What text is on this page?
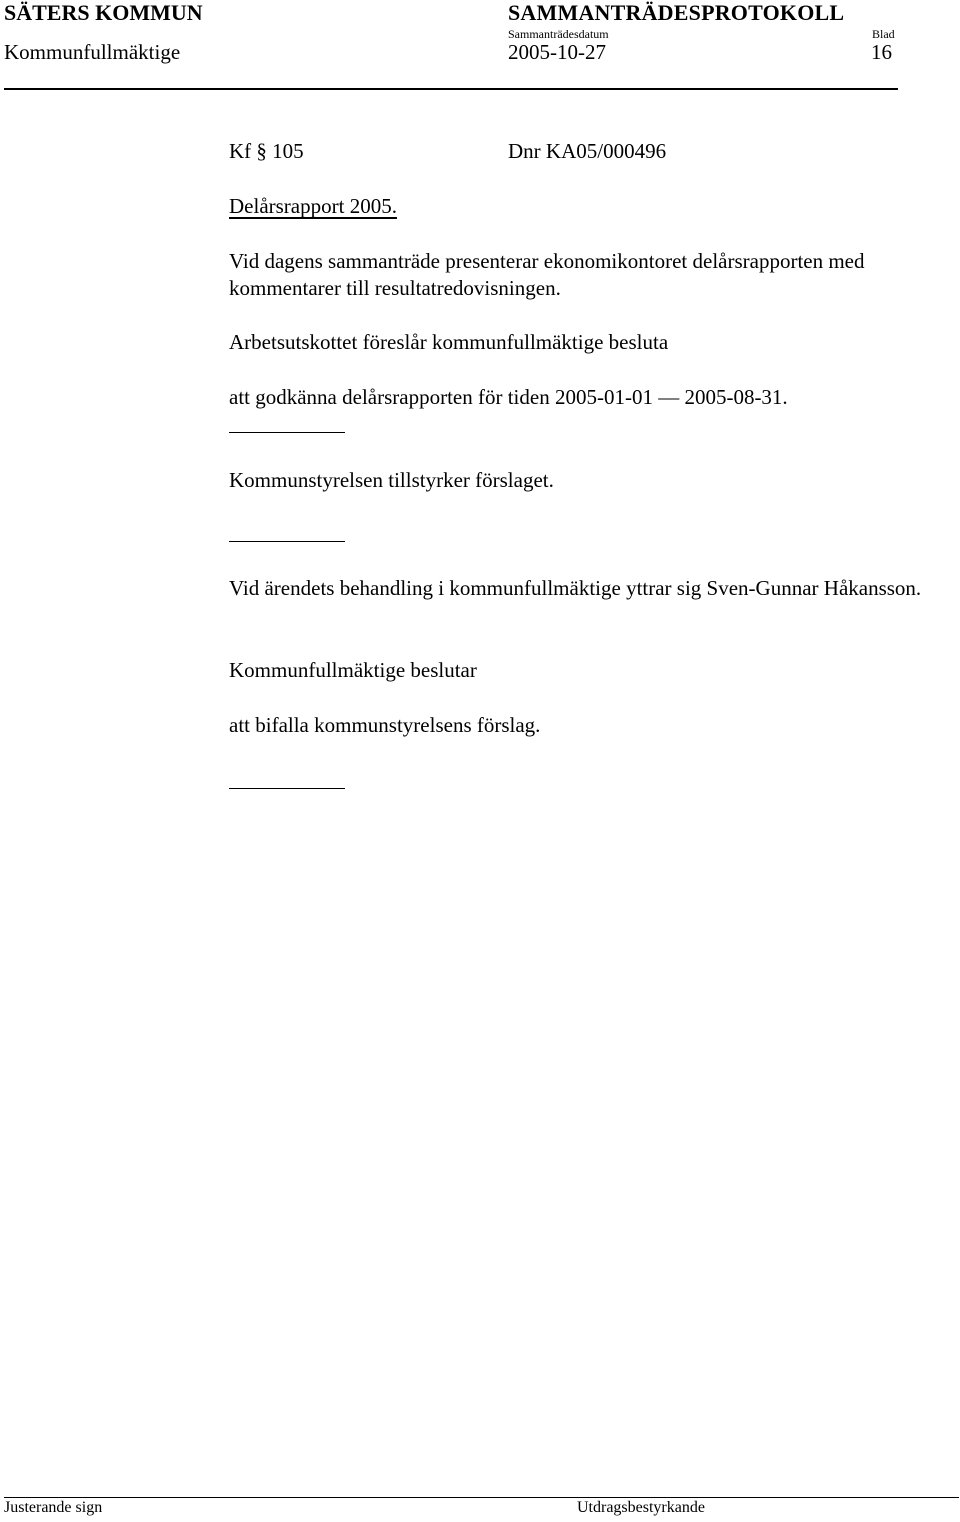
SÄTERS KOMMUN	SAMMANTRÄDESPROTOKOLL
Sammanträdesdatum	Blad
Kommunfullmäktige	2005-10-27	16
Kf § 105	Dnr KA05/000496
Delårsrapport 2005.
Vid dagens sammanträde presenterar ekonomikontoret delårsrapporten med kommentarer till resultatredovisningen.
Arbetsutskottet föreslår kommunfullmäktige besluta
att godkänna delårsrapporten för tiden 2005-01-01 — 2005-08-31.
Kommunstyrelsen tillstyrker förslaget.
Vid ärendets behandling i kommunfullmäktige yttrar sig Sven-Gunnar Håkansson.
Kommunfullmäktige beslutar
att bifalla kommunstyrelsens förslag.
Justerande sign	Utdragsbestyrkande
